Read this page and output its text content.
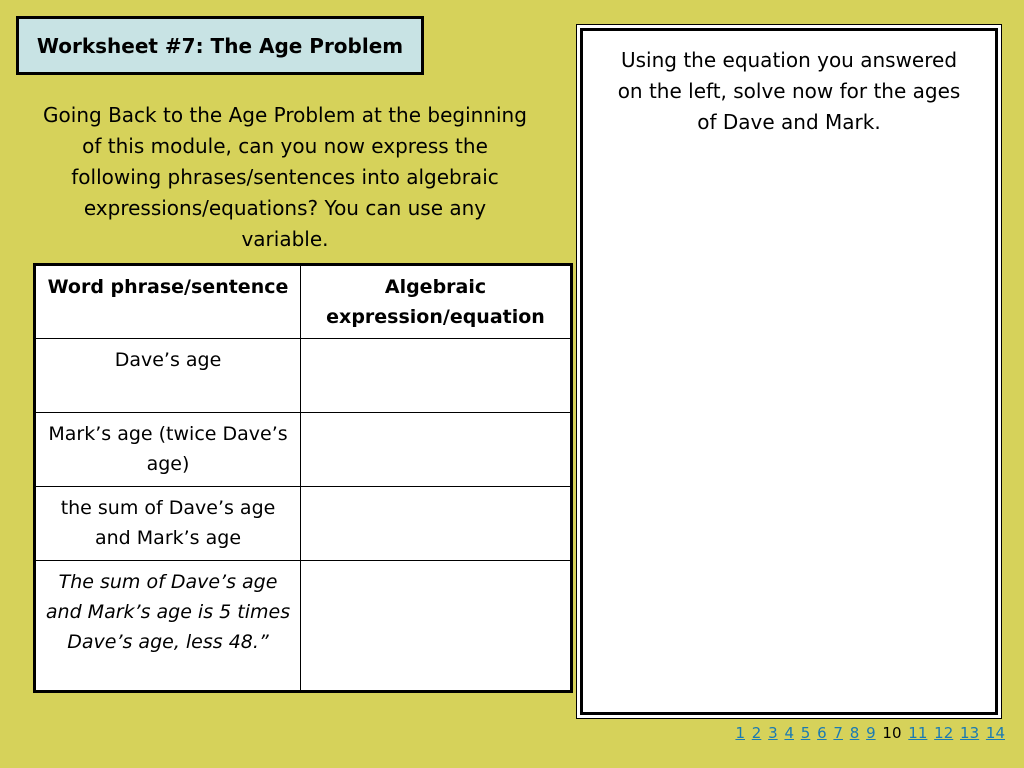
Worksheet #7: The Age Problem
Going Back to the Age Problem at the beginning of this module, can you now express the following phrases/sentences into algebraic expressions/equations? You can use any variable.
Word phrase/sentence	Algebraic expression/equation
Dave’s age	
Mark’s age (twice Dave’s age)	
the sum of Dave’s age and Mark’s age	
The sum of Dave’s age and Mark’s age is 5 times Dave’s age, less 48.”	
Using the equation you answered on the left, solve now for the ages of Dave and Mark.
1 2 3 4 5 6 7 8 9 10 11 12 13 14
